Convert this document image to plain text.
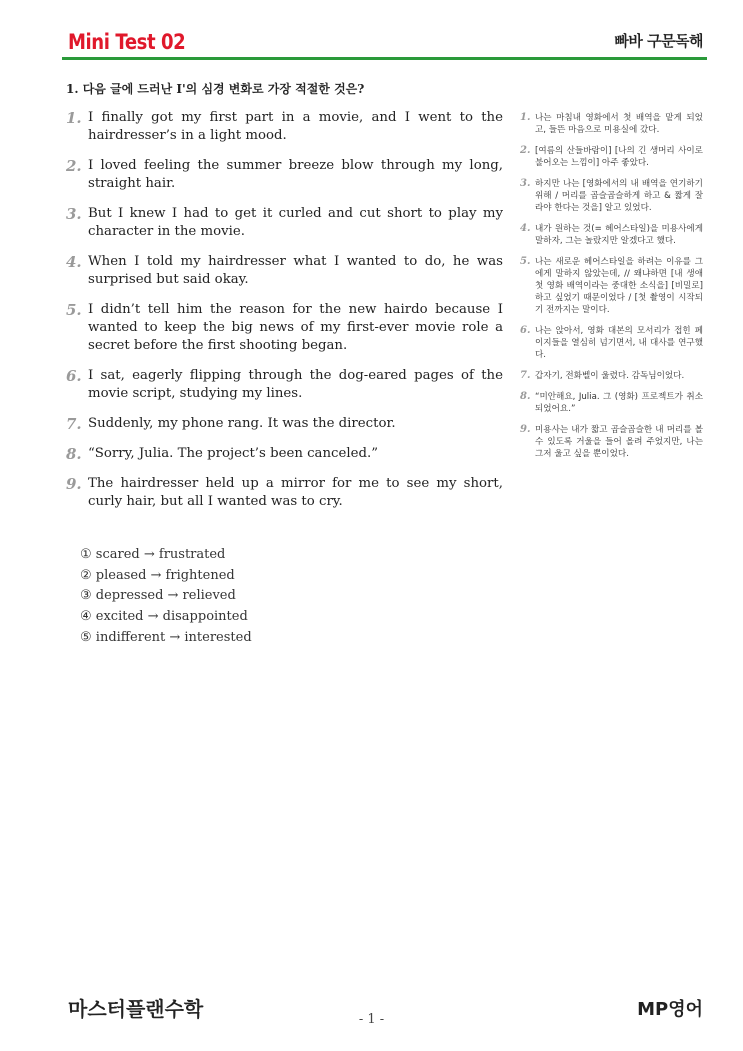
Mini Test 02	빠바 구문독해
1. 다음 글에 드러난 I'의 심경 변화로 가장 적절한 것은?
1. I finally got my first part in a movie, and I went to the hairdresser’s in a light mood.
2. I loved feeling the summer breeze blow through my long, straight hair.
3. But I knew I had to get it curled and cut short to play my character in the movie.
4. When I told my hairdresser what I wanted to do, he was surprised but said okay.
5. I didn’t tell him the reason for the new hairdo because I wanted to keep the big news of my first-ever movie role a secret before the first shooting began.
6. I sat, eagerly flipping through the dog-eared pages of the movie script, studying my lines.
7. Suddenly, my phone rang. It was the director.
8. “Sorry, Julia. The project’s been canceled.”
9. The hairdresser held up a mirror for me to see my short, curly hair, but all I wanted was to cry.
1. 나는 마침내 영화에서 첫 배역을 맡게 되었고, 들뜬 마음으로 미용실에 갔다.
2. [여름의 산들바람이] [나의 긴 생머리 사이로 불어오는 느낌이] 아주 좋았다.
3. 하지만 나는 [영화에서의 내 배역을 연기하기 위해 / 머리를 곱슬곱슬하게 하고 & 짧게 잘라야 한다는 것을] 알고 있었다.
4. 내가 원하는 것(= 헤어스타일)을 미용사에게 말하자, 그는 놀랐지만 알겠다고 했다.
5. 나는 새로운 헤어스타일을 하려는 이유를 그에게 말하지 않았는데, // 왜냐하면 [내 생애 첫 영화 배역이라는 중대한 소식을] [비밀로] 하고 싶었기 때문이었다 / [첫 촬영이 시작되기 전까지는 말이다.
6. 나는 앉아서, 영화 대본의 모서리가 접힌 페이지들을 열심히 넘기면서, 내 대사를 연구했다.
7. 갑자기, 전화벨이 울렸다. 감독님이었다.
8. “미안해요, Julia. 그 (영화) 프로젝트가 취소되었어요.”
9. 미용사는 내가 짧고 곱슬곱슬한 내 머리를 볼 수 있도록 거울을 들어 올려 주었지만, 나는 그저 울고 싶을 뿐이었다.
① scared → frustrated
② pleased → frightened
③ depressed → relieved
④ excited → disappointed
⑤ indifferent → interested
마스터플랜수학	- 1 -	MP영어
